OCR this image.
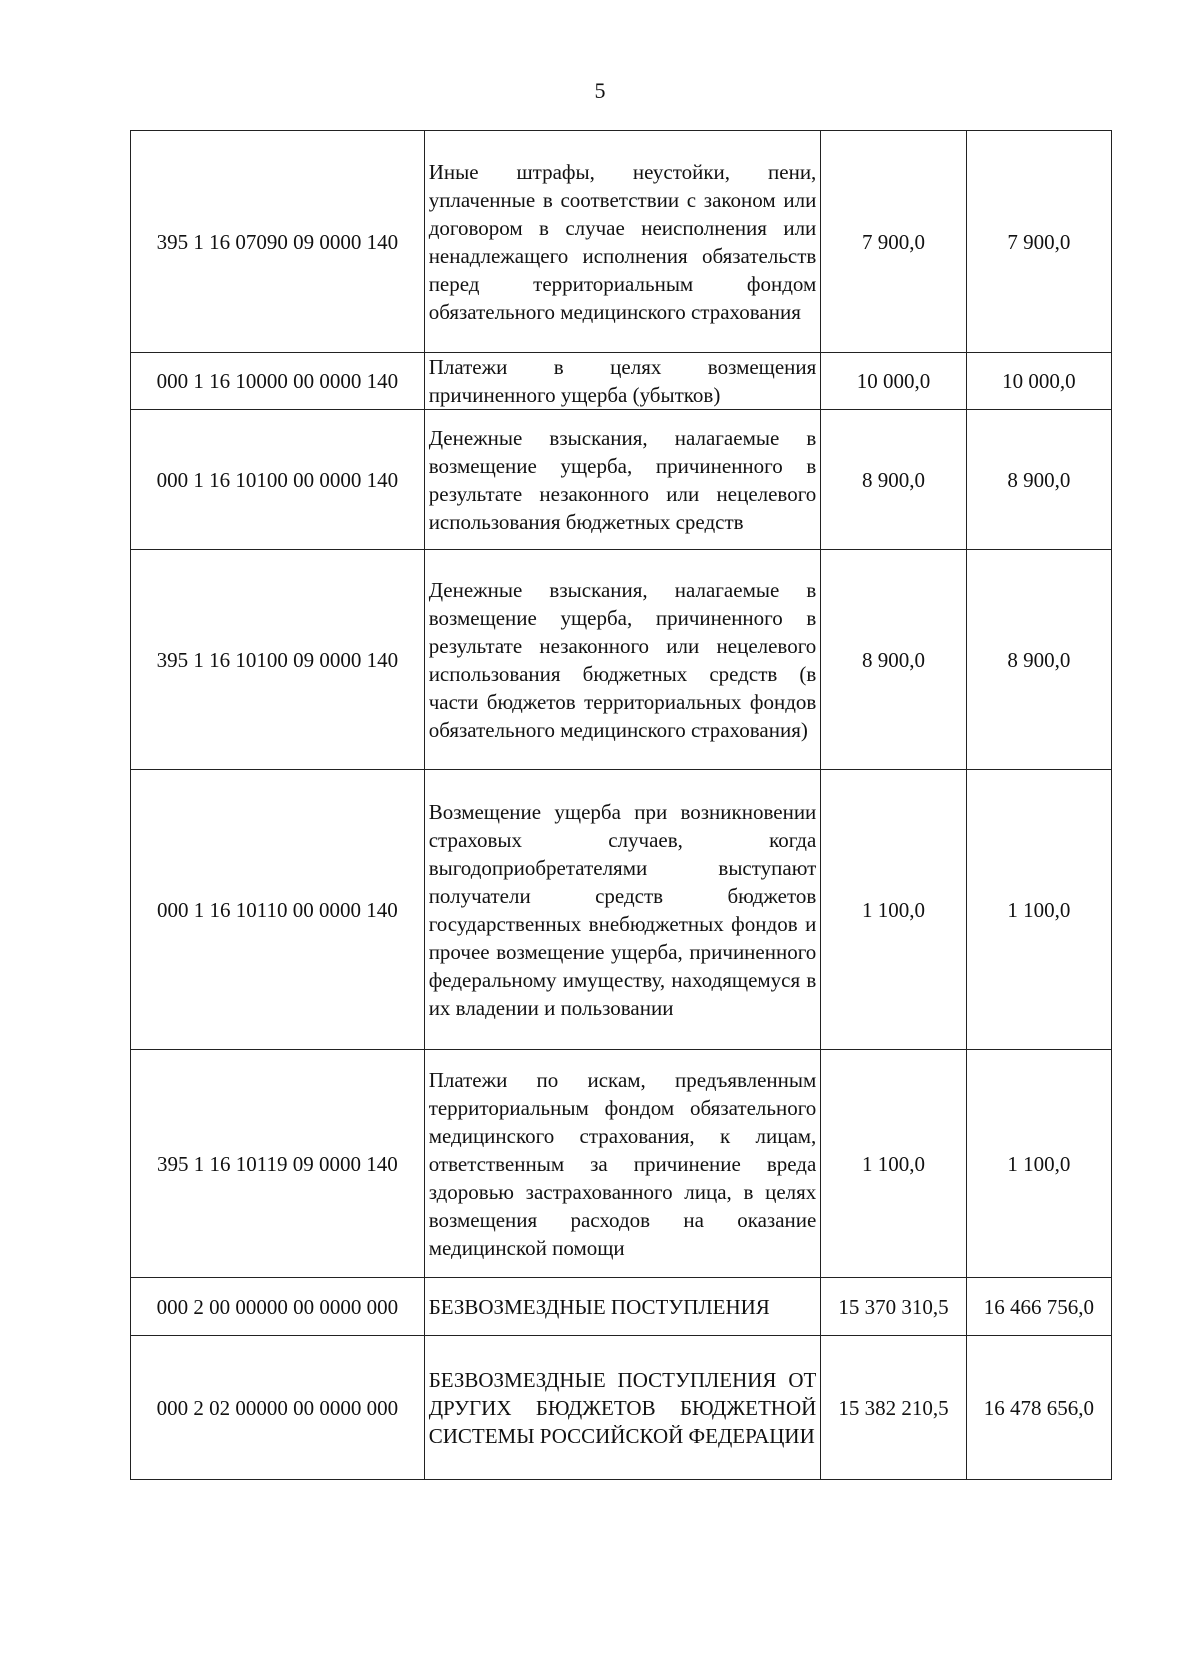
5
395 1 16 07090 09 0000 140	Иные штрафы, неустойки, пени, уплаченные в соответствии с законом или договором в случае неисполнения или ненадлежащего исполнения обязательств перед территориальным фондом обязательного медицинского страхования	7 900,0	7 900,0
000 1 16 10000 00 0000 140	Платежи в целях возмещения причиненного ущерба (убытков)	10 000,0	10 000,0
000 1 16 10100 00 0000 140	Денежные взыскания, налагаемые в возмещение ущерба, причиненного в результате незаконного или нецелевого использования бюджетных средств	8 900,0	8 900,0
395 1 16 10100 09 0000 140	Денежные взыскания, налагаемые в возмещение ущерба, причиненного в результате незаконного или нецелевого использования бюджетных средств (в части бюджетов территориальных фондов обязательного медицинского страхования)	8 900,0	8 900,0
000 1 16 10110 00 0000 140	Возмещение ущерба при возникновении страховых случаев, когда выгодоприобретателями выступают получатели средств бюджетов государственных внебюджетных фондов и прочее возмещение ущерба, причиненного федеральному имуществу, находящемуся в их владении и пользовании	1 100,0	1 100,0
395 1 16 10119 09 0000 140	Платежи по искам, предъявленным территориальным фондом обязательного медицинского страхования, к лицам, ответственным за причинение вреда здоровью застрахованного лица, в целях возмещения расходов на оказание медицинской помощи	1 100,0	1 100,0
000 2 00 00000 00 0000 000	БЕЗВОЗМЕЗДНЫЕ ПОСТУПЛЕНИЯ	15 370 310,5	16 466 756,0
000 2 02 00000 00 0000 000	БЕЗВОЗМЕЗДНЫЕ ПОСТУПЛЕНИЯ ОТ ДРУГИХ БЮДЖЕТОВ БЮДЖЕТНОЙ СИСТЕМЫ РОССИЙСКОЙ ФЕДЕРАЦИИ	15 382 210,5	16 478 656,0
